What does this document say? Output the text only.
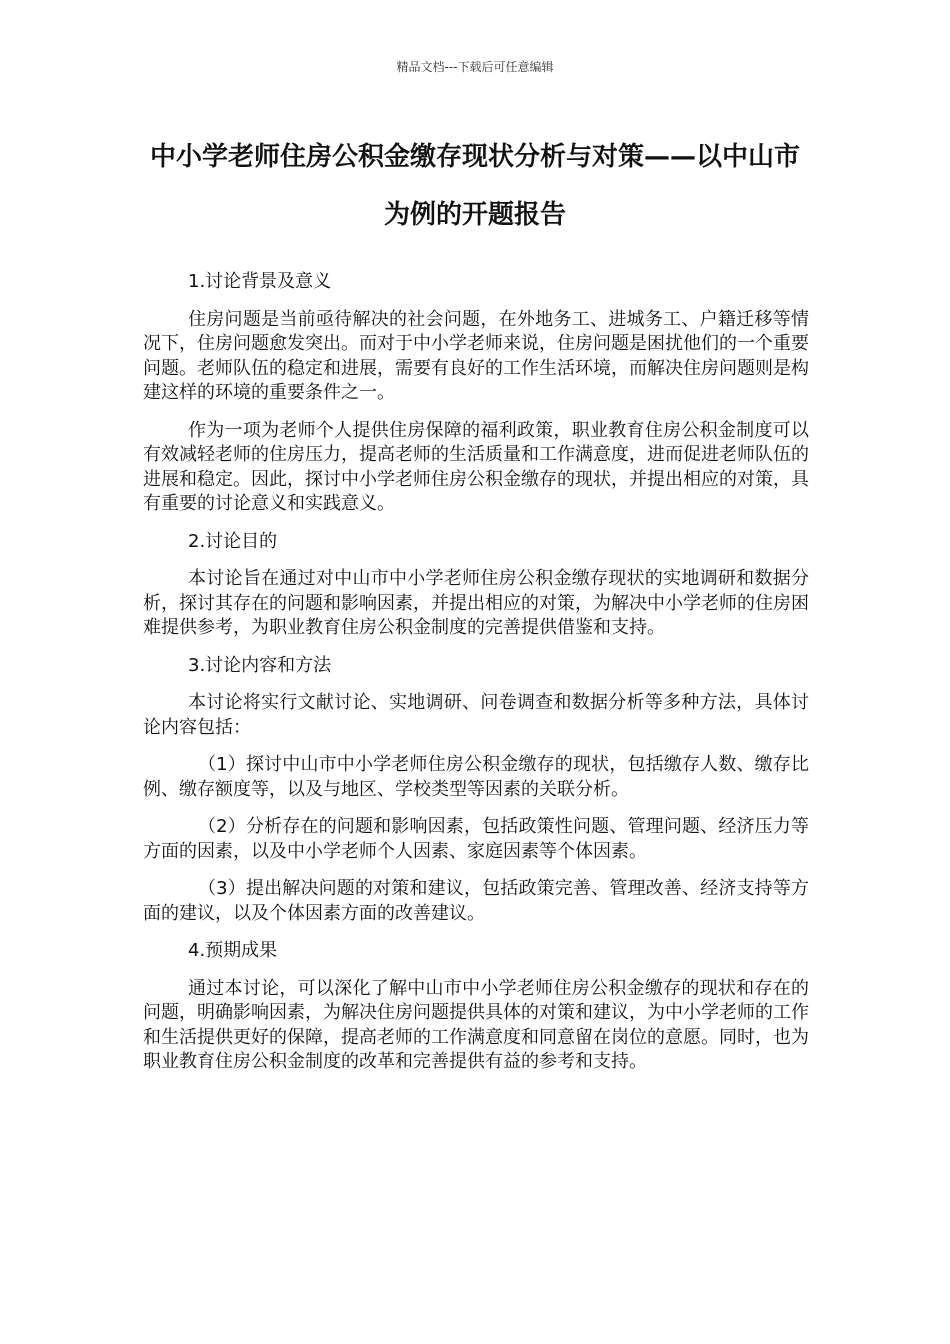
精品文档---下载后可任意编辑
中小学老师住房公积金缴存现状分析与对策——以中山市为例的开题报告

1.讨论背景及意义

住房问题是当前亟待解决的社会问题，在外地务工、进城务工、户籍迁移等情况下，住房问题愈发突出。而对于中小学老师来说，住房问题是困扰他们的一个重要问题。老师队伍的稳定和进展，需要有良好的工作生活环境，而解决住房问题则是构建这样的环境的重要条件之一。

作为一项为老师个人提供住房保障的福利政策，职业教育住房公积金制度可以有效减轻老师的住房压力，提高老师的生活质量和工作满意度，进而促进老师队伍的进展和稳定。因此，探讨中小学老师住房公积金缴存的现状，并提出相应的对策，具有重要的讨论意义和实践意义。

2.讨论目的

本讨论旨在通过对中山市中小学老师住房公积金缴存现状的实地调研和数据分析，探讨其存在的问题和影响因素，并提出相应的对策，为解决中小学老师的住房困难提供参考，为职业教育住房公积金制度的完善提供借鉴和支持。

3.讨论内容和方法

本讨论将实行文献讨论、实地调研、问卷调查和数据分析等多种方法，具体讨论内容包括：

（1）探讨中山市中小学老师住房公积金缴存的现状，包括缴存人数、缴存比例、缴存额度等，以及与地区、学校类型等因素的关联分析。

（2）分析存在的问题和影响因素，包括政策性问题、管理问题、经济压力等方面的因素，以及中小学老师个人因素、家庭因素等个体因素。

（3）提出解决问题的对策和建议，包括政策完善、管理改善、经济支持等方面的建议，以及个体因素方面的改善建议。

4.预期成果

通过本讨论，可以深化了解中山市中小学老师住房公积金缴存的现状和存在的问题，明确影响因素，为解决住房问题提供具体的对策和建议，为中小学老师的工作和生活提供更好的保障，提高老师的工作满意度和同意留在岗位的意愿。同时，也为职业教育住房公积金制度的改革和完善提供有益的参考和支持。
